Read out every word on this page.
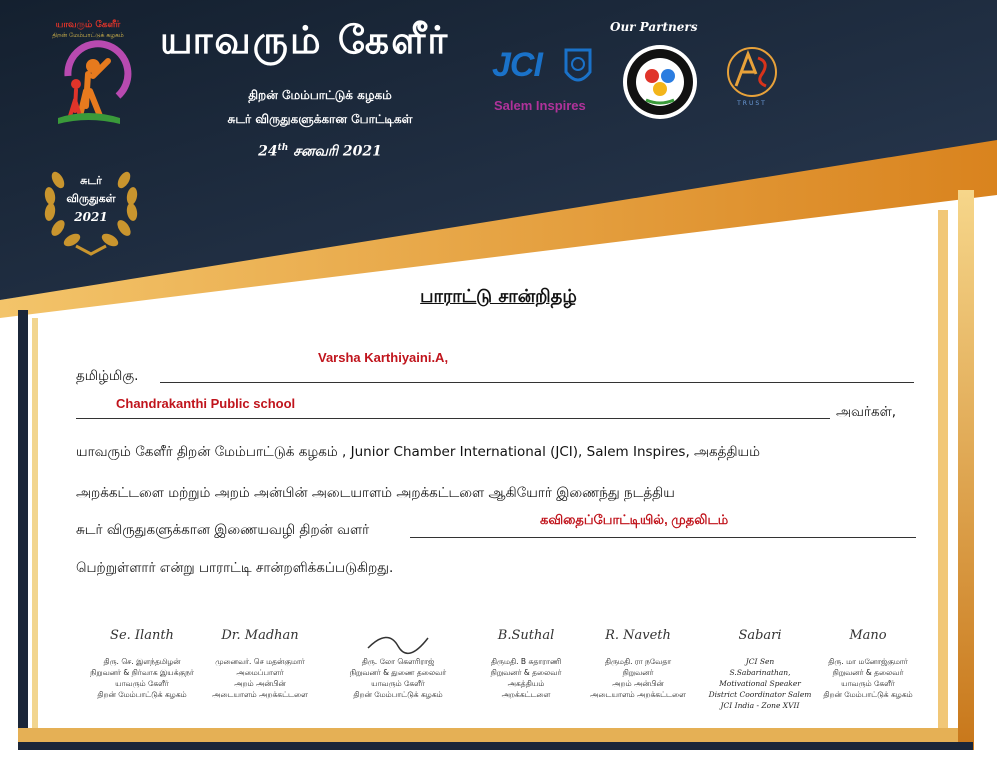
யாவரும் கேளீர்
திறன் மேம்பாட்டுக் கழகம் யாவரும் கேளீர்
திறன் மேம்பாட்டுக் கழகம்
சுடர் விருதுகளுக்கான போட்டிகள்
24th சனவரி 2021
Our Partners
JCI
Salem Inspires	TRUST
சுடர்
விருதுகள்
2021
பாராட்டு சான்றிதழ்
தமிழ்மிகு.
Varsha Karthiyaini.A,
Chandrakanthi Public school
அவர்கள்,
யாவரும் கேளீர் திறன் மேம்பாட்டுக் கழகம் , Junior Chamber International (JCI), Salem Inspires, அகத்தியம்
அறக்கட்டளை மற்றும் அறம் அன்பின் அடையாளம் அறக்கட்டளை ஆகியோர் இணைந்து நடத்திய
சுடர் விருதுகளுக்கான இணையவழி திறன் வளர்
கவிதைப்போட்டியில், முதலிடம்
பெற்றுள்ளார் என்று பாராட்டி சான்றளிக்கப்படுகிறது.
Se. Ilanth
திரு. செ. இளந்தமிழன்
நிறுவனர் & நிர்வாக இயக்குநர்
யாவரும் கேளீர்
திறன் மேம்பாட்டுக் கழகம்
Dr. Madhan
முனைவர். செ மதன்குமார்
அமைப்பாளர்
அறம் அன்பின்
அடையாளம் அறக்கட்டளை
திரு. லோ கௌரிராஜ்
நிறுவனர் & துணை தலைவர்
யாவரும் கேளீர்
திறன் மேம்பாட்டுக் கழகம்
B.Suthal
திருமதி. B சுதாராணி
நிறுவனர் & தலைவர்
அகத்தியம்
அறக்கட்டளை
R. Naveth
திருமதி. ரா நவேதா
நிறுவனர்
அறம் அன்பின்
அடையாளம் அறக்கட்டளை
Sabari
JCI Sen
S.Sabarinathan,
Motivational Speaker
District Coordinator Salem
JCI India - Zone XVII
Mano
திரு. மா மனோஜ்குமார்
நிறுவனர் & தலைவர்
யாவரும் கேளீர்
திறன் மேம்பாட்டுக் கழகம்
